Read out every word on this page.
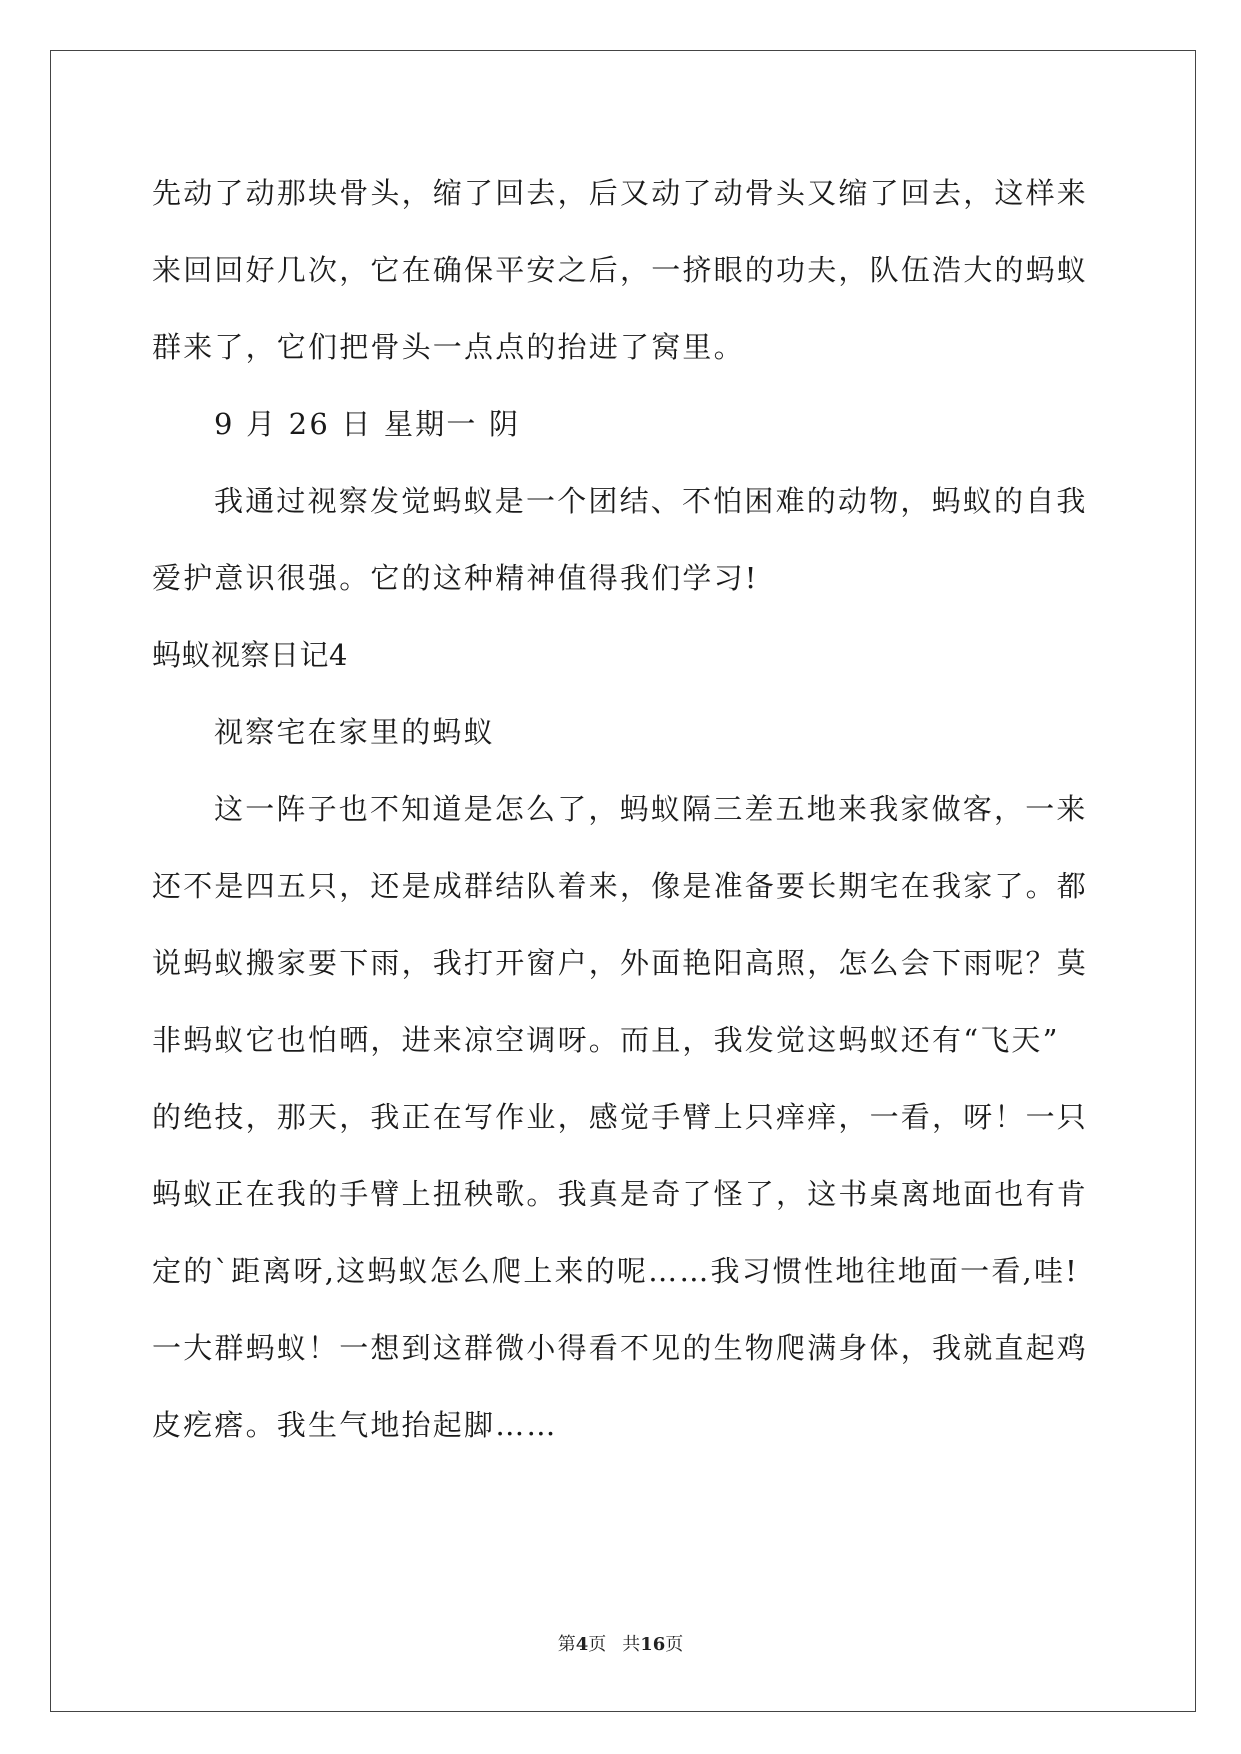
先动了动那块骨头，缩了回去，后又动了动骨头又缩了回去，这样来
来回回好几次，它在确保平安之后，一挤眼的功夫，队伍浩大的蚂蚁
群来了，它们把骨头一点点的抬进了窝里。
9 月 26 日 星期一 阴
我通过视察发觉蚂蚁是一个团结、不怕困难的动物，蚂蚁的自我
爱护意识很强。它的这种精神值得我们学习!
蚂蚁视察日记4
视察宅在家里的蚂蚁
这一阵子也不知道是怎么了，蚂蚁隔三差五地来我家做客，一来
还不是四五只，还是成群结队着来，像是准备要长期宅在我家了。都
说蚂蚁搬家要下雨，我打开窗户，外面艳阳高照，怎么会下雨呢？莫
非蚂蚁它也怕晒，进来凉空调呀。而且，我发觉这蚂蚁还有“飞天”
的绝技，那天，我正在写作业，感觉手臂上只痒痒，一看，呀！一只
蚂蚁正在我的手臂上扭秧歌。我真是奇了怪了，这书桌离地面也有肯
定的`距离呀,这蚂蚁怎么爬上来的呢……我习惯性地往地面一看,哇!
一大群蚂蚁！一想到这群微小得看不见的生物爬满身体，我就直起鸡
皮疙瘩。我生气地抬起脚……
第4页 共16页
